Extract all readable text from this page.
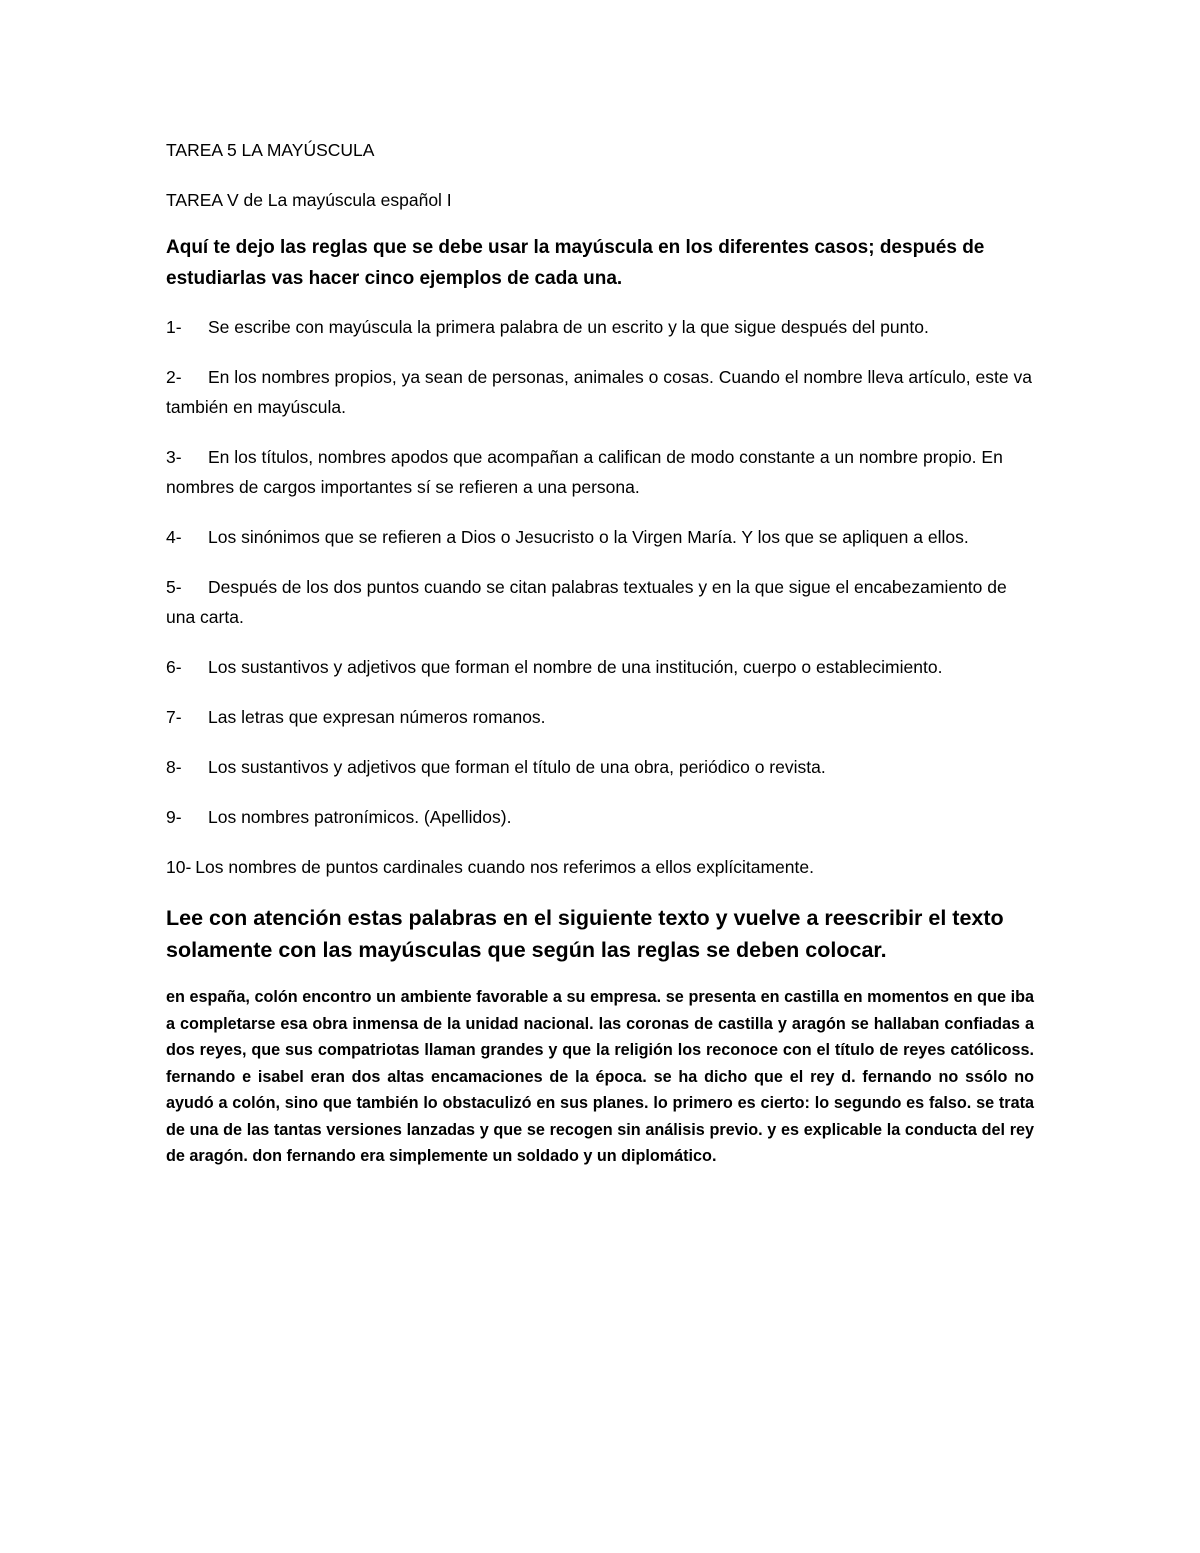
TAREA 5 LA MAYÚSCULA

TAREA V de La mayúscula español I

Aquí te dejo las reglas que se debe usar la mayúscula en los diferentes casos; después de estudiarlas vas hacer cinco ejemplos de cada una.

1- Se escribe con mayúscula la primera palabra de un escrito y la que sigue después del punto.

2- En los nombres propios, ya sean de personas, animales o cosas. Cuando el nombre lleva artículo, este va también en mayúscula.

3- En los títulos, nombres apodos que acompañan a califican de modo constante a un nombre propio. En nombres de cargos importantes sí se refieren a una persona.

4- Los sinónimos que se refieren a Dios o Jesucristo o la Virgen María. Y los que se apliquen a ellos.

5- Después de los dos puntos cuando se citan palabras textuales y en la que sigue el encabezamiento de una carta.

6- Los sustantivos y adjetivos que forman el nombre de una institución, cuerpo o establecimiento.

7- Las letras que expresan números romanos.

8- Los sustantivos y adjetivos que forman el título de una obra, periódico o revista.

9- Los nombres patronímicos. (Apellidos).

10- Los nombres de puntos cardinales cuando nos referimos a ellos explícitamente.

Lee con atención estas palabras en el siguiente texto y vuelve a reescribir el texto solamente con las mayúsculas que según las reglas se deben colocar.

en españa, colón encontro un ambiente favorable a su empresa. se presenta en castilla en momentos en que iba a completarse esa obra inmensa de la unidad nacional. las coronas de castilla y aragón se hallaban confiadas a dos reyes, que sus compatriotas llaman grandes y que la religión los reconoce con el título de reyes católicoss. fernando e isabel eran dos altas encamaciones de la época. se ha dicho que el rey d. fernando no ssólo no ayudó a colón, sino que también lo obstaculizó en sus planes. lo primero es cierto: lo segundo es falso. se trata de una de las tantas versiones lanzadas y que se recogen sin análisis previo. y es explicable la conducta del rey de aragón. don fernando era simplemente un soldado y un diplomático.
